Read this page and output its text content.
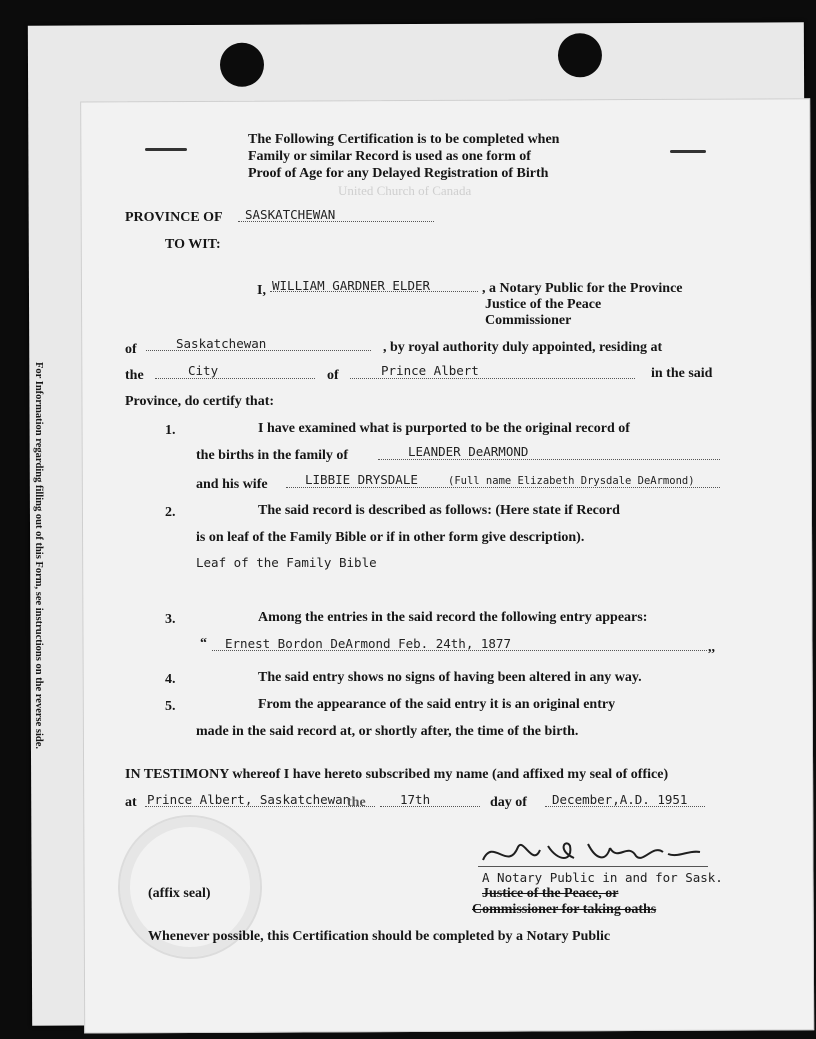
For Information regarding filling out of this Form, see instructions on the reverse side.
United Church of Canada
The Following Certification is to be completed when
Family or similar Record is used as one form of
Proof of Age for any Delayed Registration of Birth
PROVINCE OF SASKATCHEWAN
TO WIT:
I, WILLIAM GARDNER ELDER	, a Notary Public for the Province
Justice of the Peace
Commissioner
of	Saskatchewan	, by royal authority duly appointed, residing at
the	City	of	Prince Albert	in the said
Province, do certify that:
1.	I have examined what is purported to be the original record of
the births in the family of	LEANDER DeARMOND
and his wife	LIBBIE DRYSDALE	(Full name Elizabeth Drysdale DeArmond)
2.	The said record is described as follows: (Here state if Record
is on leaf of the Family Bible or if in other form give description).
Leaf of the Family Bible
3.	Among the entries in the said record the following entry appears:
“ Ernest Bordon DeArmond Feb. 24th, 1877	,,
4.	The said entry shows no signs of having been altered in any way.
5.	From the appearance of the said entry it is an original entry
made in the said record at, or shortly after, the time of the birth.
IN TESTIMONY whereof I have hereto subscribed my name (and affixed my seal of office)
at Prince Albert, Saskatchewan
the	17th	day of December,A.D. 1951
(affix seal)
W.G. Elder
A Notary Public in and for Sask.
Justice of the Peace, or
Commissioner for taking oaths
Whenever possible, this Certification should be completed by a Notary Public
